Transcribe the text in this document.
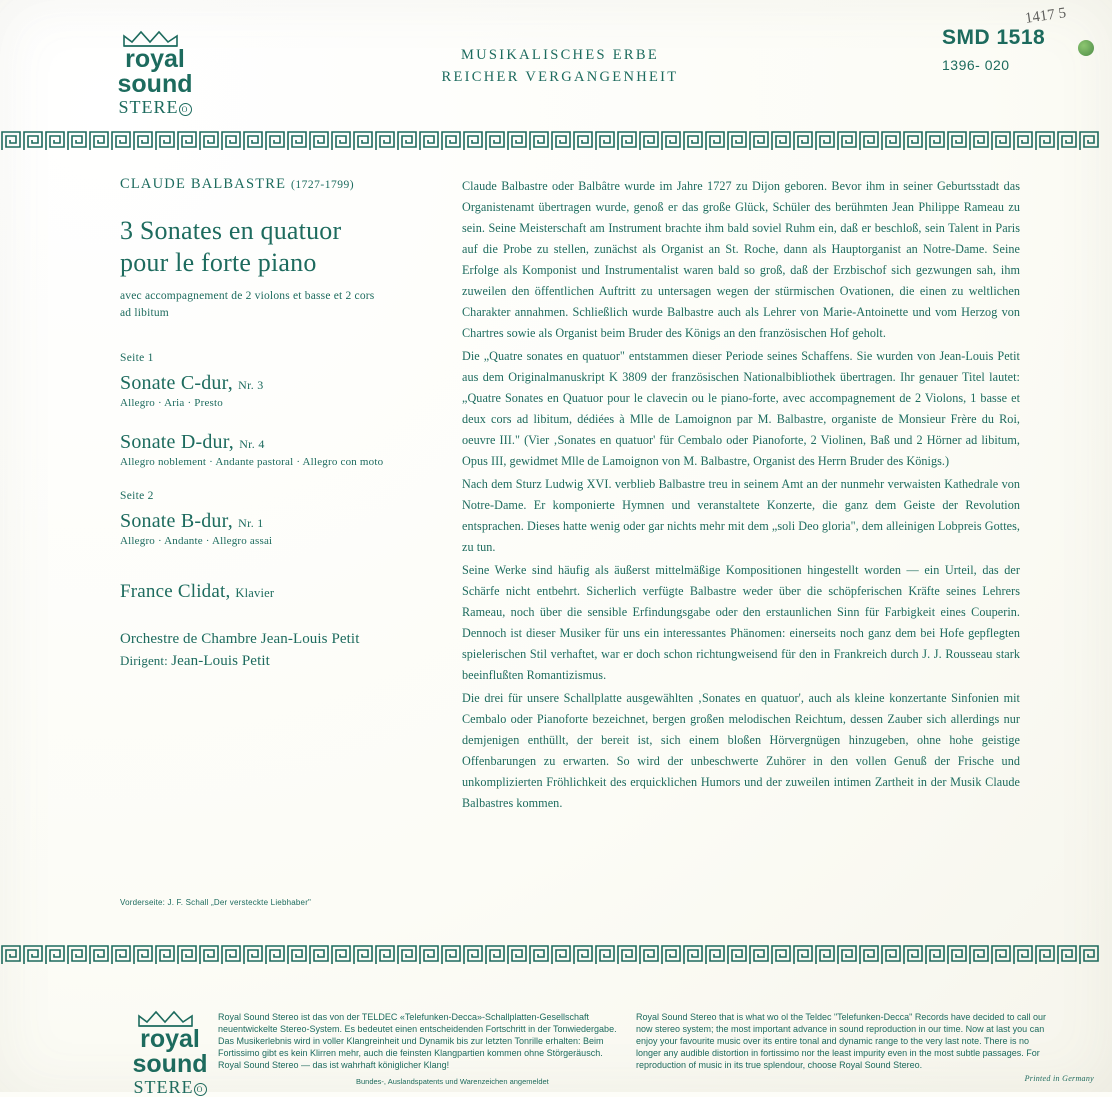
royal sound
STERE O
MUSIKALISCHES ERBE
REICHER VERGANGENHEIT
1417 5
SMD 1518
1396- 020
CLAUDE BALBASTRE (1727-1799)
3 Sonates en quatuor
pour le forte piano
avec accompagnement de 2 violons et basse et 2 cors
ad libitum
Seite 1
Sonate C-dur, Nr. 3

Allegro · Aria · Presto

Sonate D-dur, Nr. 4

Allegro noblement · Andante pastoral · Allegro con moto

Seite 2
Sonate B-dur, Nr. 1

Allegro · Andante · Allegro assai

France Clidat, Klavier
Orchestre de Chambre Jean-Louis Petit
Dirigent: Jean-Louis Petit
Vorderseite: J. F. Schall „Der versteckte Liebhaber"

Claude Balbastre oder Balbâtre wurde im Jahre 1727 zu Dijon geboren. Bevor ihm in seiner Geburtsstadt das Organistenamt übertragen wurde, genoß er das große Glück, Schüler des berühmten Jean Philippe Rameau zu sein. Seine Meisterschaft am Instrument brachte ihm bald soviel Ruhm ein, daß er beschloß, sein Talent in Paris auf die Probe zu stellen, zunächst als Organist an St. Roche, dann als Hauptorganist an Notre-Dame. Seine Erfolge als Komponist und Instrumentalist waren bald so groß, daß der Erzbischof sich gezwungen sah, ihm zuweilen den öffentlichen Auftritt zu untersagen wegen der stürmischen Ovationen, die einen zu weltlichen Charakter annahmen. Schließlich wurde Balbastre auch als Lehrer von Marie-Antoinette und vom Herzog von Chartres sowie als Organist beim Bruder des Königs an den französischen Hof geholt.

Die „Quatre sonates en quatuor" entstammen dieser Periode seines Schaffens. Sie wurden von Jean-Louis Petit aus dem Originalmanuskript K 3809 der französischen Nationalbibliothek übertragen. Ihr genauer Titel lautet: „Quatre Sonates en Quatuor pour le clavecin ou le piano-forte, avec accompagnement de 2 Violons, 1 basse et deux cors ad libitum, dédiées à Mlle de Lamoignon par M. Balbastre, organiste de Monsieur Frère du Roi, oeuvre III." (Vier ‚Sonates en quatuor' für Cembalo oder Pianoforte, 2 Violinen, Baß und 2 Hörner ad libitum, Opus III, gewidmet Mlle de Lamoignon von M. Balbastre, Organist des Herrn Bruder des Königs.)

Nach dem Sturz Ludwig XVI. verblieb Balbastre treu in seinem Amt an der nunmehr verwaisten Kathedrale von Notre-Dame. Er komponierte Hymnen und veranstaltete Konzerte, die ganz dem Geiste der Revolution entsprachen. Dieses hatte wenig oder gar nichts mehr mit dem „soli Deo gloria", dem alleinigen Lobpreis Gottes, zu tun.

Seine Werke sind häufig als äußerst mittelmäßige Kompositionen hingestellt worden — ein Urteil, das der Schärfe nicht entbehrt. Sicherlich verfügte Balbastre weder über die schöpferischen Kräfte seines Lehrers Rameau, noch über die sensible Erfindungsgabe oder den erstaunlichen Sinn für Farbigkeit eines Couperin. Dennoch ist dieser Musiker für uns ein interessantes Phänomen: einerseits noch ganz dem bei Hofe gepflegten spielerischen Stil verhaftet, war er doch schon richtungweisend für den in Frankreich durch J. J. Rousseau stark beeinflußten Romantizismus.

Die drei für unsere Schallplatte ausgewählten ‚Sonates en quatuor', auch als kleine konzertante Sinfonien mit Cembalo oder Pianoforte bezeichnet, bergen großen melodischen Reichtum, dessen Zauber sich allerdings nur demjenigen enthüllt, der bereit ist, sich einem bloßen Hörvergnügen hinzugeben, ohne hohe geistige Offenbarungen zu erwarten. So wird der unbeschwerte Zuhörer in den vollen Genuß der Frische und unkomplizierten Fröhlichkeit des erquicklichen Humors und der zuweilen intimen Zartheit in der Musik Claude Balbastres kommen.

royal sound
STERE O
Royal Sound Stereo ist das von der TELDEC «Telefunken-Decca»-Schallplatten-Gesellschaft neuentwickelte Stereo-System. Es bedeutet einen entscheidenden Fortschritt in der Tonwiedergabe. Das Musikerlebnis wird in voller Klangreinheit und Dynamik bis zur letzten Tonrille erhalten: Beim Fortissimo gibt es kein Klirren mehr, auch die feinsten Klangpartien kommen ohne Störgeräusch. Royal Sound Stereo — das ist wahrhaft königlicher Klang!
Royal Sound Stereo that is what wo ol the Teldec "Telefunken-Decca" Records have decided to call our now stereo system; the most important advance in sound reproduction in our time. Now at last you can enjoy your favourite music over its entire tonal and dynamic range to the very last note. There is no longer any audible distortion in fortissimo nor the least impurity even in the most subtle passages. For reproduction of music in its true splendour, choose Royal Sound Stereo.
Bundes-, Auslandspatents und Warenzeichen angemeldet	Printed in Germany
